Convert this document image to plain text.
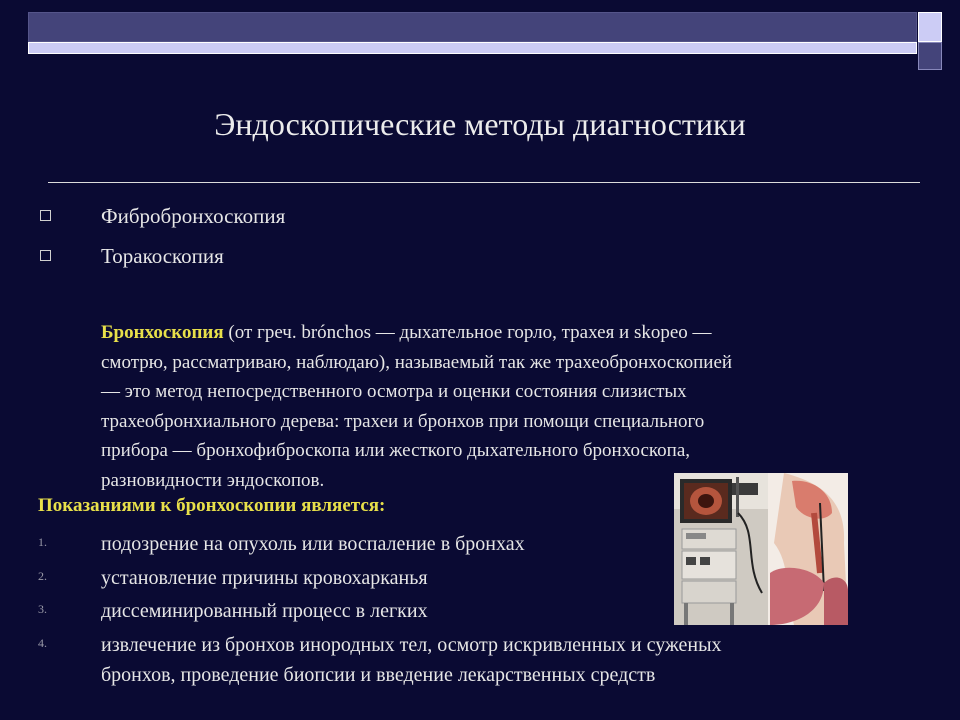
Эндоскопические методы диагностики
Фибробронхоскопия
Торакоскопия
Бронхоскопия (от греч. brónchos — дыхательное горло, трахея и skopeo —
смотрю, рассматриваю, наблюдаю), называемый так же трахеобронхоскопией
— это метод непосредственного осмотра и оценки состояния слизистых
трахеобронхиального дерева: трахеи и бронхов при помощи специального
прибора — бронхофиброскопа или жесткого дыхательного бронхоскопа,
разновидности эндоскопов.
Показаниями к бронхоскопии является:
1.	подозрение на опухоль или воспаление в бронхах
2.	установление причины кровохарканья
3.	диссеминированный процесс в легких
4.	извлечение из бронхов инородных тел, осмотр искривленных и суженых
бронхов, проведение биопсии и введение лекарственных средств
